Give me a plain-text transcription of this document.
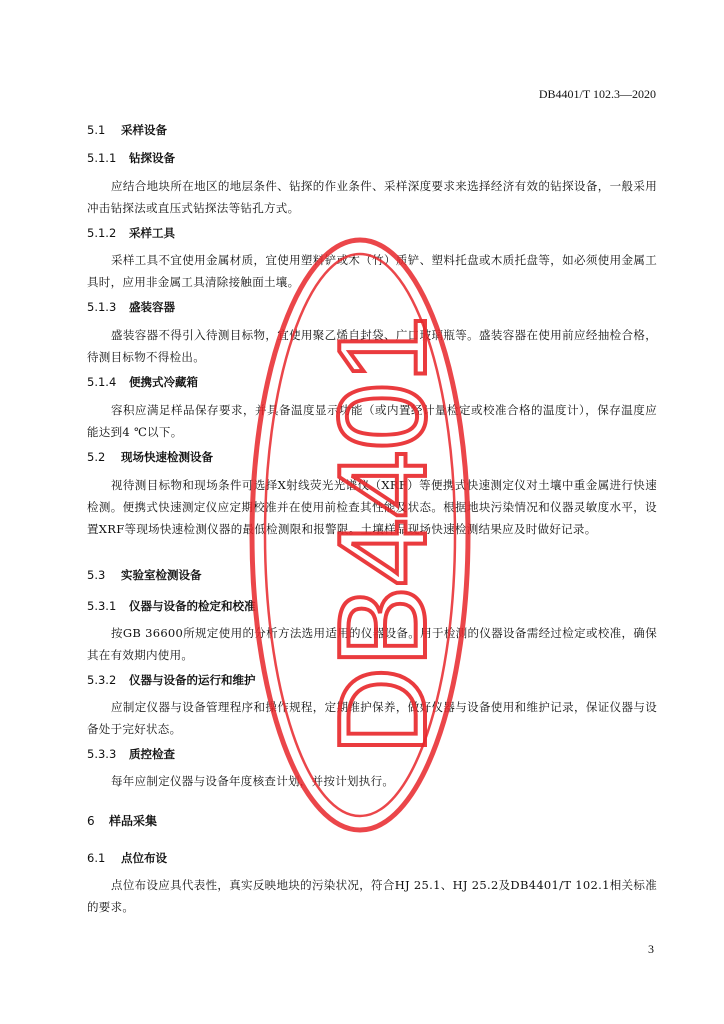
DB4401/T 102.3—2020
5.1 采样设备
5.1.1 钻探设备

应结合地块所在地区的地层条件、钻探的作业条件、采样深度要求来选择经济有效的钻探设备，一般采用冲击钻探法或直压式钻探法等钻孔方式。

5.1.2 采样工具

采样工具不宜使用金属材质，宜使用塑料铲或木（竹）质铲、塑料托盘或木质托盘等，如必须使用金属工具时，应用非金属工具清除接触面土壤。

5.1.3 盛装容器

盛装容器不得引入待测目标物，宜使用聚乙烯自封袋、广口玻璃瓶等。盛装容器在使用前应经抽检合格，待测目标物不得检出。

5.1.4 便携式冷藏箱

容积应满足样品保存要求，并具备温度显示功能（或内置经计量检定或校准合格的温度计），保存温度应能达到4 ℃以下。

5.2 现场快速检测设备

视待测目标物和现场条件可选择X射线荧光光谱仪（XRF）等便携式快速测定仪对土壤中重金属进行快速检测。便携式快速测定仪应定期校准并在使用前检查其性能及状态。根据地块污染情况和仪器灵敏度水平，设置XRF等现场快速检测仪器的最低检测限和报警限。土壤样品现场快速检测结果应及时做好记录。

5.3 实验室检测设备
5.3.1 仪器与设备的检定和校准

按GB 36600所规定使用的分析方法选用适用的仪器设备。用于检测的仪器设备需经过检定或校准，确保其在有效期内使用。

5.3.2 仪器与设备的运行和维护

应制定仪器与设备管理程序和操作规程，定期维护保养，做好仪器与设备使用和维护记录，保证仪器与设备处于完好状态。

5.3.3 质控检查

每年应制定仪器与设备年度核查计划，并按计划执行。

6 样品采集
6.1 点位布设

点位布设应具代表性，真实反映地块的污染状况，符合HJ 25.1、HJ 25.2及DB4401/T 102.1相关标准的要求。

3
DB4401
